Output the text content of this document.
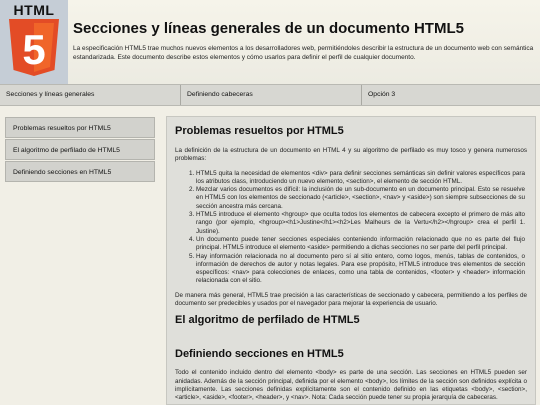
HTML
5 Secciones y líneas generales de un documento HTML5

La especificación HTML5 trae muchos nuevos elementos a los desarrolladores web, permitiéndoles describir la estructura de un documento web con semántica estandarizada. Este documento describe estos elementos y cómo usarlos para definir el perfil de cualquier documento.

Secciones y líneas generales	Definiendo cabeceras	Opción 3
Problemas resueltos por HTML5
El algoritmo de perfilado de HTML5
Definiendo secciones en HTML5
Problemas resueltos por HTML5

La definición de la estructura de un documento en HTML 4 y su algoritmo de perfilado es muy tosco y genera numerosos problemas:

1. HTML5 quita la necesidad de elementos <div> para definir secciones semánticas sin definir valores específicos para los atributos class, introduciendo un nuevo elemento, <section>, el elemento de sección HTML.
2. Mezclar varios documentos es difícil: la inclusión de un sub-documento en un documento principal. Esto se resuelve en HTML5 con los elementos de seccionado (<article>, <section>, <nav> y <aside>) son siempre subsecciones de su sección ancestra más cercana.
3. HTML5 introduce el elemento <hgroup> que oculta todos los elementos de cabecera excepto el primero de más alto rango (por ejemplo, <hgroup><h1>Justine</h1><h2>Les Malheurs de la Vertu</h2></hgroup> crea el perfil 1. Justine).
4. Un documento puede tener secciones especiales conteniendo información relacionado que no es parte del flujo principal. HTML5 introduce el elemento <aside> permitiendo a dichas secciones no ser parte del perfil principal.
5. Hay información relacionada no al documento pero sí al sitio entero, como logos, menús, tablas de contenidos, o información de derechos de autor y notas legales. Para ese propósito, HTML5 introduce tres elementos de sección específicos: <nav> para colecciones de enlaces, como una tabla de contenidos, <footer> y <header> información relacionada con el sitio.

De manera más general, HTML5 trae precisión a las características de seccionado y cabecera, permitiendo a los perfiles de documento ser predecibles y usados por el navegador para mejorar la experiencia de usuario.

El algoritmo de perfilado de HTML5
Definiendo secciones en HTML5

Todo el contenido incluido dentro del elemento <body> es parte de una sección. Las secciones en HTML5 pueden ser anidadas. Además de la sección principal, definida por el elemento <body>, los límites de la sección son definidos explícita o implícitamente. Las secciones definidas explícitamente son el contenido definido en las etiquetas <body>, <section>, <article>, <aside>, <footer>, <header>, y <nav>. Nota: Cada sección puede tener su propia jerarquía de cabeceras.
